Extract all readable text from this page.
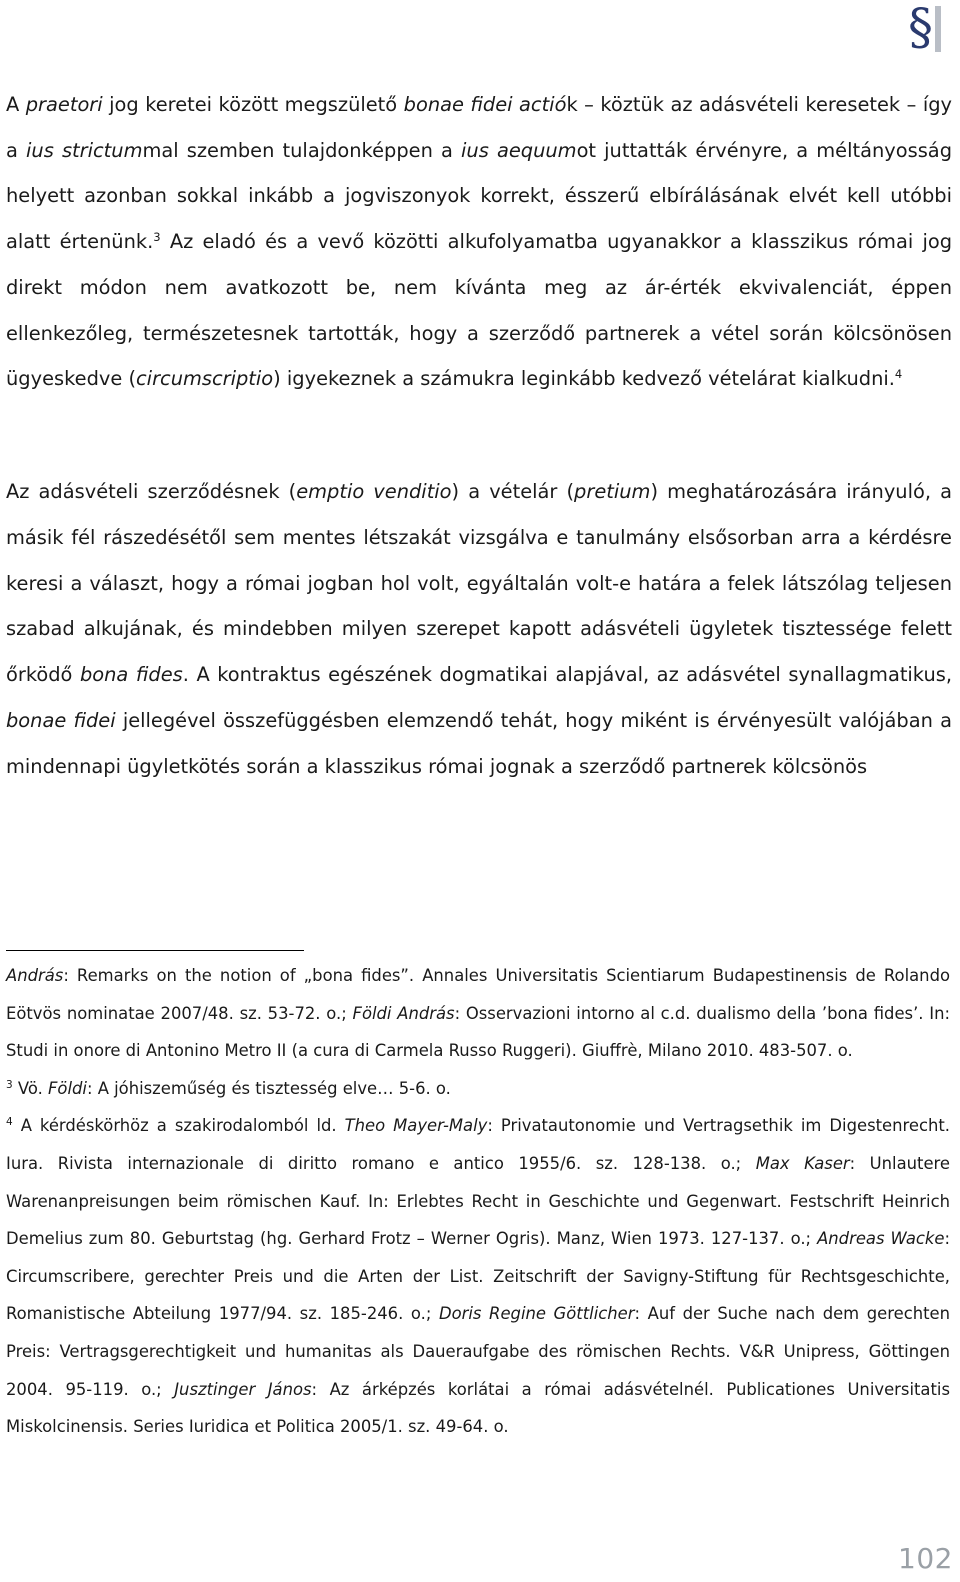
§

A praetori jog keretei között megszülető bonae fidei actiók – köztük az adásvételi keresetek – így a ius strictummal szemben tulajdonképpen a ius aequumot juttatták érvényre, a méltányosság helyett azonban sokkal inkább a jogviszonyok korrekt, ésszerű elbírálásának elvét kell utóbbi alatt értenünk.$^3$ Az eladó és a vevő közötti alkufolyamatba ugyanakkor a klasszikus római jog direkt módon nem avatkozott be, nem kívánta meg az ár-érték ekvivalenciát, éppen ellenkezőleg, természetesnek tartották, hogy a szerződő partnerek a vétel során kölcsönösen ügyeskedve (circumscriptio) igyekeznek a számukra leginkább kedvező vételárat kialkudni.$^4$

Az adásvételi szerződésnek (emptio venditio) a vételár (pretium) meghatározására irányuló, a másik fél rászedésétől sem mentes létszakát vizsgálva e tanulmány elsősorban arra a kérdésre keresi a választ, hogy a római jogban hol volt, egyáltalán volt-e határa a felek látszólag teljesen szabad alkujának, és mindebben milyen szerepet kapott adásvételi ügyletek tisztessége felett őrködő bona fides. A kontraktus egészének dogmatikai alapjával, az adásvétel synallagmatikus, bonae fidei jellegével összefüggésben elemzendő tehát, hogy miként is érvényesült valójában a mindennapi ügyletkötés során a klasszikus római jognak a szerződő partnerek kölcsönös

András: Remarks on the notion of „bona fides”. Annales Universitatis Scientiarum Budapestinensis de Rolando Eötvös nominatae 2007/48. sz. 53-72. o.; Földi András: Osservazioni intorno al c.d. dualismo della ’bona fides’. In: Studi in onore di Antonino Metro II (a cura di Carmela Russo Ruggeri). Giuffrè, Milano 2010. 483-507. o.

$^3$ Vö. Földi: A jóhiszeműség és tisztesség elve… 5-6. o.

$^4$ A kérdéskörhöz a szakirodalomból ld. Theo Mayer-Maly: Privatautonomie und Vertragsethik im Digestenrecht. Iura. Rivista internazionale di diritto romano e antico 1955/6. sz. 128-138. o.; Max Kaser: Unlautere Warenanpreisungen beim römischen Kauf. In: Erlebtes Recht in Geschichte und Gegenwart. Festschrift Heinrich Demelius zum 80. Geburtstag (hg. Gerhard Frotz – Werner Ogris). Manz, Wien 1973. 127-137. o.; Andreas Wacke: Circumscribere, gerechter Preis und die Arten der List. Zeitschrift der Savigny-Stiftung für Rechtsgeschichte, Romanistische Abteilung 1977/94. sz. 185-246. o.; Doris Regine Göttlicher: Auf der Suche nach dem gerechten Preis: Vertragsgerechtigkeit und humanitas als Daueraufgabe des römischen Rechts. V&R Unipress, Göttingen 2004. 95-119. o.; Jusztinger János: Az árképzés korlátai a római adásvételnél. Publicationes Universitatis Miskolcinensis. Series Iuridica et Politica 2005/1. sz. 49-64. o.

102
